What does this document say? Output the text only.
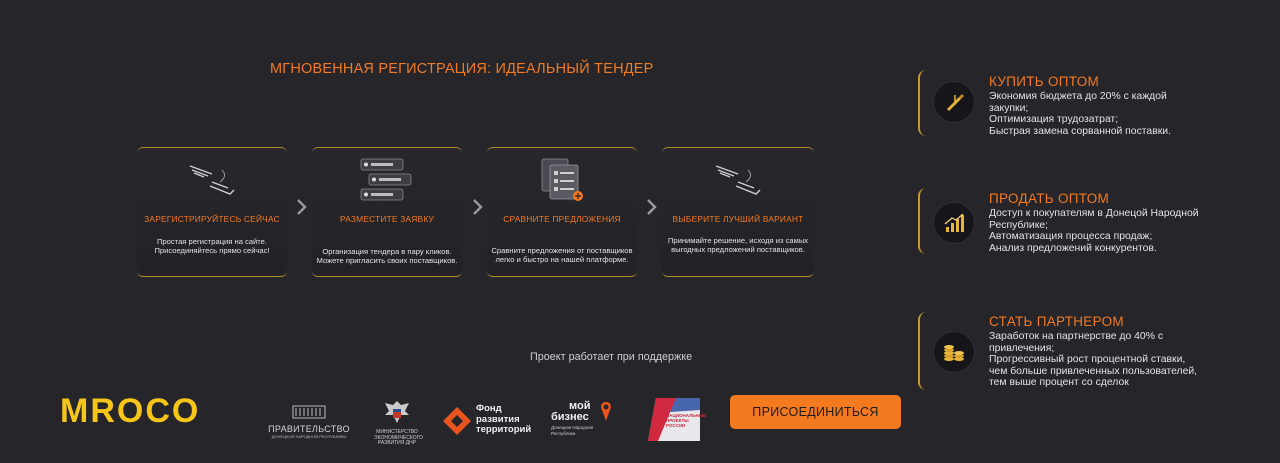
МГНОВЕННАЯ РЕГИСТРАЦИЯ: ИДЕАЛЬНЫЙ ТЕНДЕР
ЗАРЕГИСТРИРУЙТЕСЬ СЕЙЧАС
Простая регистрация на сайте. Присоединяйтесь прямо сейчас!
РАЗМЕСТИТЕ ЗАЯВКУ
Организация тендера в пару кликов. Можете пригласить своих поставщиков.
СРАВНИТЕ ПРЕДЛОЖЕНИЯ
Сравните предложения от поставщиков легко и быстро на нашей платформе.
ВЫБЕРИТЕ ЛУЧШИЙ ВАРИАНТ
Принимайте решение, исходя из самых выгодных предложений поставщиков.
Проект работает при поддержке
MROCO	ПРАВИТЕЛЬСТВО
ДОНЕЦКОЙ НАРОДНОЙ РЕСПУБЛИКИ
МИНИСТЕРСТВО ЭКОНОМИЧЕСКОГО РАЗВИТИЯ ДНР
Фонд
развития
территорий
мой
бизнес
Донецкая Народная Республика
НАЦИОНАЛЬНЫЕ ПРОЕКТЫ РОССИИ
ПРИСОЕДИНИТЬСЯ
КУПИТЬ ОПТОМ
Экономия бюджета до 20% с каждой закупки;
Оптимизация трудозатрат;
Быстрая замена сорванной поставки.
ПРОДАТЬ ОПТОМ
Доступ к покупателям в Донецой Народной Республике;
Автоматизация процесса продаж;
Анализ предложений конкурентов.
СТАТЬ ПАРТНЕРОМ
Заработок на партнерстве до 40% с привлечения;
Прогрессивный рост процентной ставки,
чем больше привлеченных пользователей,
тем выше процент со сделок
